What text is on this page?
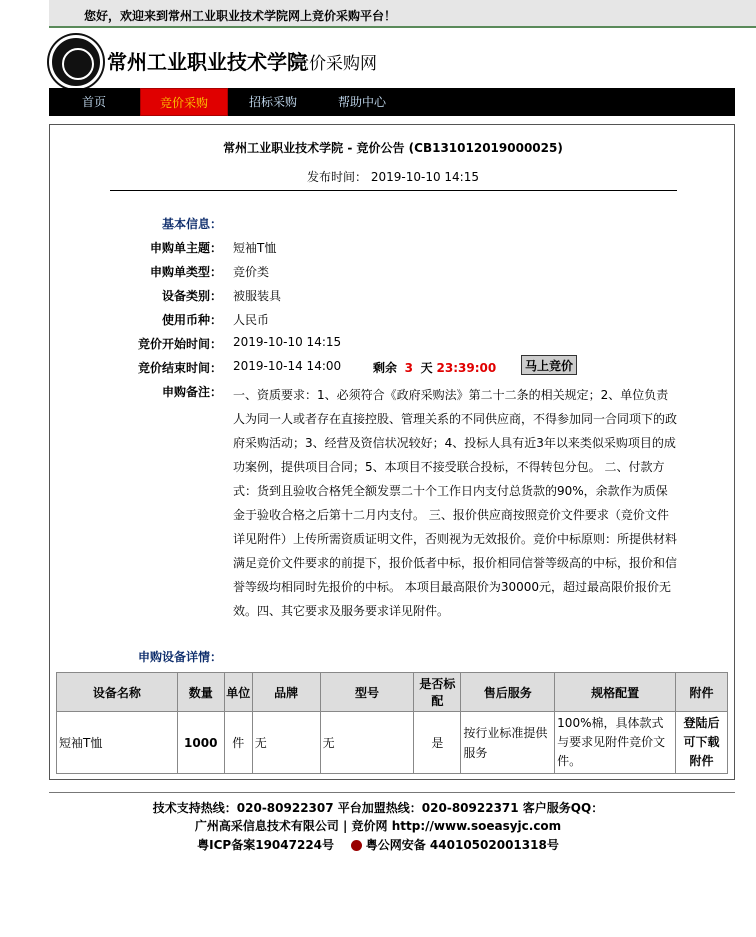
您好，欢迎来到常州工业职业技术学院网上竞价采购平台！
常州工业职业技术学院
竞价采购网
首页	竞价采购	招标采购	帮助中心
常州工业职业技术学院 - 竞价公告 (CB131012019000025)
发布时间： 2019-10-10 14:15
基本信息：
申购单主题： 短袖T恤
申购单类型： 竞价类
设备类别： 被服装具
使用币种： 人民币
竞价开始时间： 2019-10-10 14:15
竞价结束时间： 2019-10-14 14:00	剩余 3 天 23:39:00	马上竞价
申购备注： 一、资质要求：1、必须符合《政府采购法》第二十二条的相关规定；2、单位负责人为同一人或者存在直接控股、管理关系的不同供应商，不得参加同一合同项下的政府采购活动；3、经营及资信状况较好；4、投标人具有近3年以来类似采购项目的成功案例，提供项目合同；5、本项目不接受联合投标，不得转包分包。 二、付款方式：货到且验收合格凭全额发票二十个工作日内支付总货款的90%，余款作为质保金于验收合格之后第十二月内支付。 三、报价供应商按照竞价文件要求（竞价文件详见附件）上传所需资质证明文件，否则视为无效报价。竞价中标原则：所提供材料满足竞价文件要求的前提下，报价低者中标，报价相同信誉等级高的中标，报价和信誉等级均相同时先报价的中标。 本项目最高限价为30000元，超过最高限价报价无效。四、其它要求及服务要求详见附件。
申购设备详情：
设备名称	数量	单位	品牌	型号	是否标配	售后服务	规格配置	附件
短袖T恤	1000	件	无	无	是	按行业标准提供服务	100%棉，具体款式与要求见附件竞价文件。	登陆后可下载附件
技术支持热线：020-80922307 平台加盟热线：020-80922371 客户服务QQ：
广州高采信息技术有限公司 | 竞价网 http://www.soeasyjc.com
粤ICP备案19047224号	粤公网安备 44010502001318号
